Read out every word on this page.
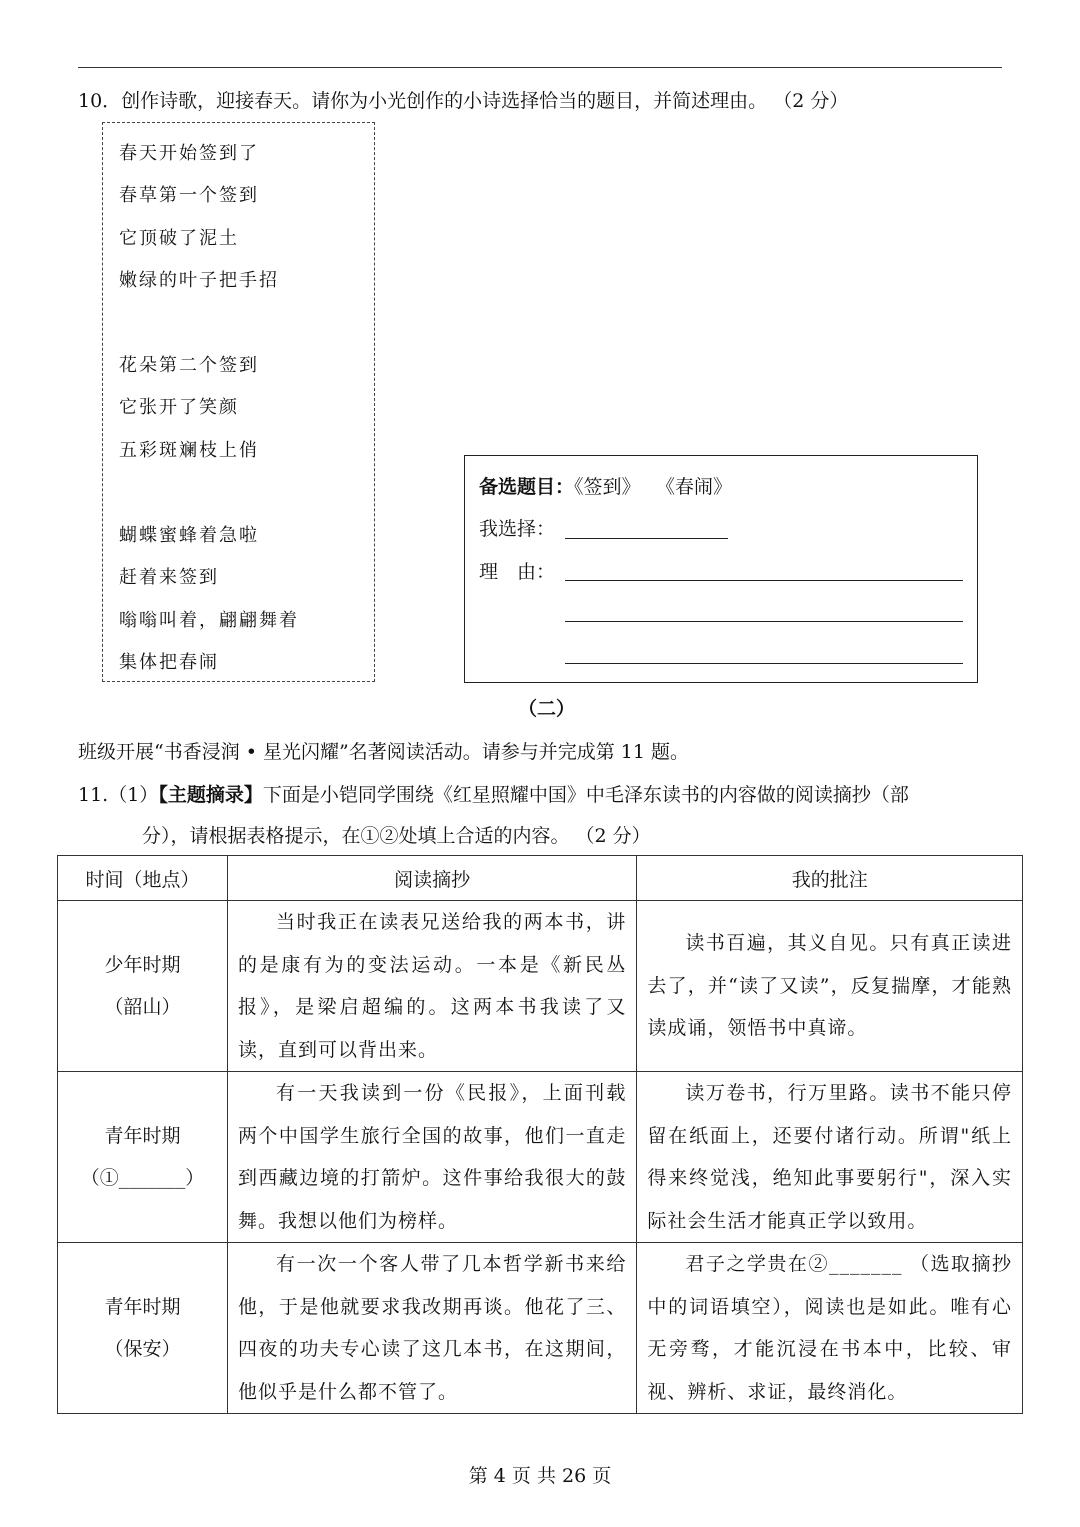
10．创作诗歌，迎接春天。请你为小光创作的小诗选择恰当的题目，并简述理由。 （2 分）
春天开始签到了
春草第一个签到
它顶破了泥土
嫩绿的叶子把手招
花朵第二个签到
它张开了笑颜
五彩斑斓枝上俏
蝴蝶蜜蜂着急啦
赶着来签到
嗡嗡叫着，翩翩舞着
集体把春闹
备选题目：《签到》　 《春闹》
我选择：
理　由：
（二）
班级开展“书香浸润 • 星光闪耀”名著阅读活动。请参与并完成第 11 题。
11.（1）【主题摘录】下面是小铠同学围绕《红星照耀中国》中毛泽东读书的内容做的阅读摘抄（部
分），请根据表格提示，在①②处填上合适的内容。 （2 分）
时间（地点）	阅读摘抄	我的批注

少年时期
（韶山）	当时我正在读表兄送给我的两本书，讲的是康有为的变法运动。一本是《新民丛报》，是梁启超编的。这两本书我读了又读，直到可以背出来。	读书百遍，其义自见。只有真正读进去了，并“读了又读”，反复揣摩，才能熟读成诵，领悟书中真谛。

青年时期
（①_______）	有一天我读到一份《民报》，上面刊载两个中国学生旅行全国的故事，他们一直走到西藏边境的打箭炉。这件事给我很大的鼓舞。我想以他们为榜样。	读万卷书，行万里路。读书不能只停留在纸面上，还要付诸行动。所谓"纸上得来终觉浅，绝知此事要躬行"，深入实际社会生活才能真正学以致用。

青年时期
（保安）	有一次一个客人带了几本哲学新书来给他，于是他就要求我改期再谈。他花了三、四夜的功夫专心读了这几本书，在这期间，他似乎是什么都不管了。	君子之学贵在②_______ （选取摘抄中的词语填空），阅读也是如此。唯有心无旁骛，才能沉浸在书本中，比较、审视、辨析、求证，最终消化。
第 4 页 共 26 页
